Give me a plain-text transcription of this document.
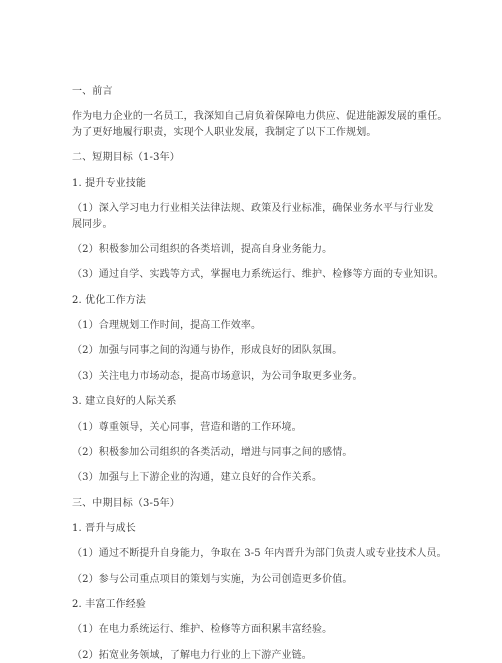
一、前言
作为电力企业的一名员工，我深知自己肩负着保障电力供应、促进能源发展的重任。
为了更好地履行职责，实现个人职业发展，我制定了以下工作规划。
二、短期目标（1-3年）
1. 提升专业技能
（1）深入学习电力行业相关法律法规、政策及行业标准，确保业务水平与行业发
展同步。
（2）积极参加公司组织的各类培训，提高自身业务能力。
（3）通过自学、实践等方式，掌握电力系统运行、维护、检修等方面的专业知识。
2. 优化工作方法
（1）合理规划工作时间，提高工作效率。
（2）加强与同事之间的沟通与协作，形成良好的团队氛围。
（3）关注电力市场动态，提高市场意识，为公司争取更多业务。
3. 建立良好的人际关系
（1）尊重领导，关心同事，营造和谐的工作环境。
（2）积极参加公司组织的各类活动，增进与同事之间的感情。
（3）加强与上下游企业的沟通，建立良好的合作关系。
三、中期目标（3-5年）
1. 晋升与成长
（1）通过不断提升自身能力，争取在 3-5 年内晋升为部门负责人或专业技术人员。
（2）参与公司重点项目的策划与实施，为公司创造更多价值。
2. 丰富工作经验
（1）在电力系统运行、维护、检修等方面积累丰富经验。
（2）拓宽业务领域，了解电力行业的上下游产业链。
